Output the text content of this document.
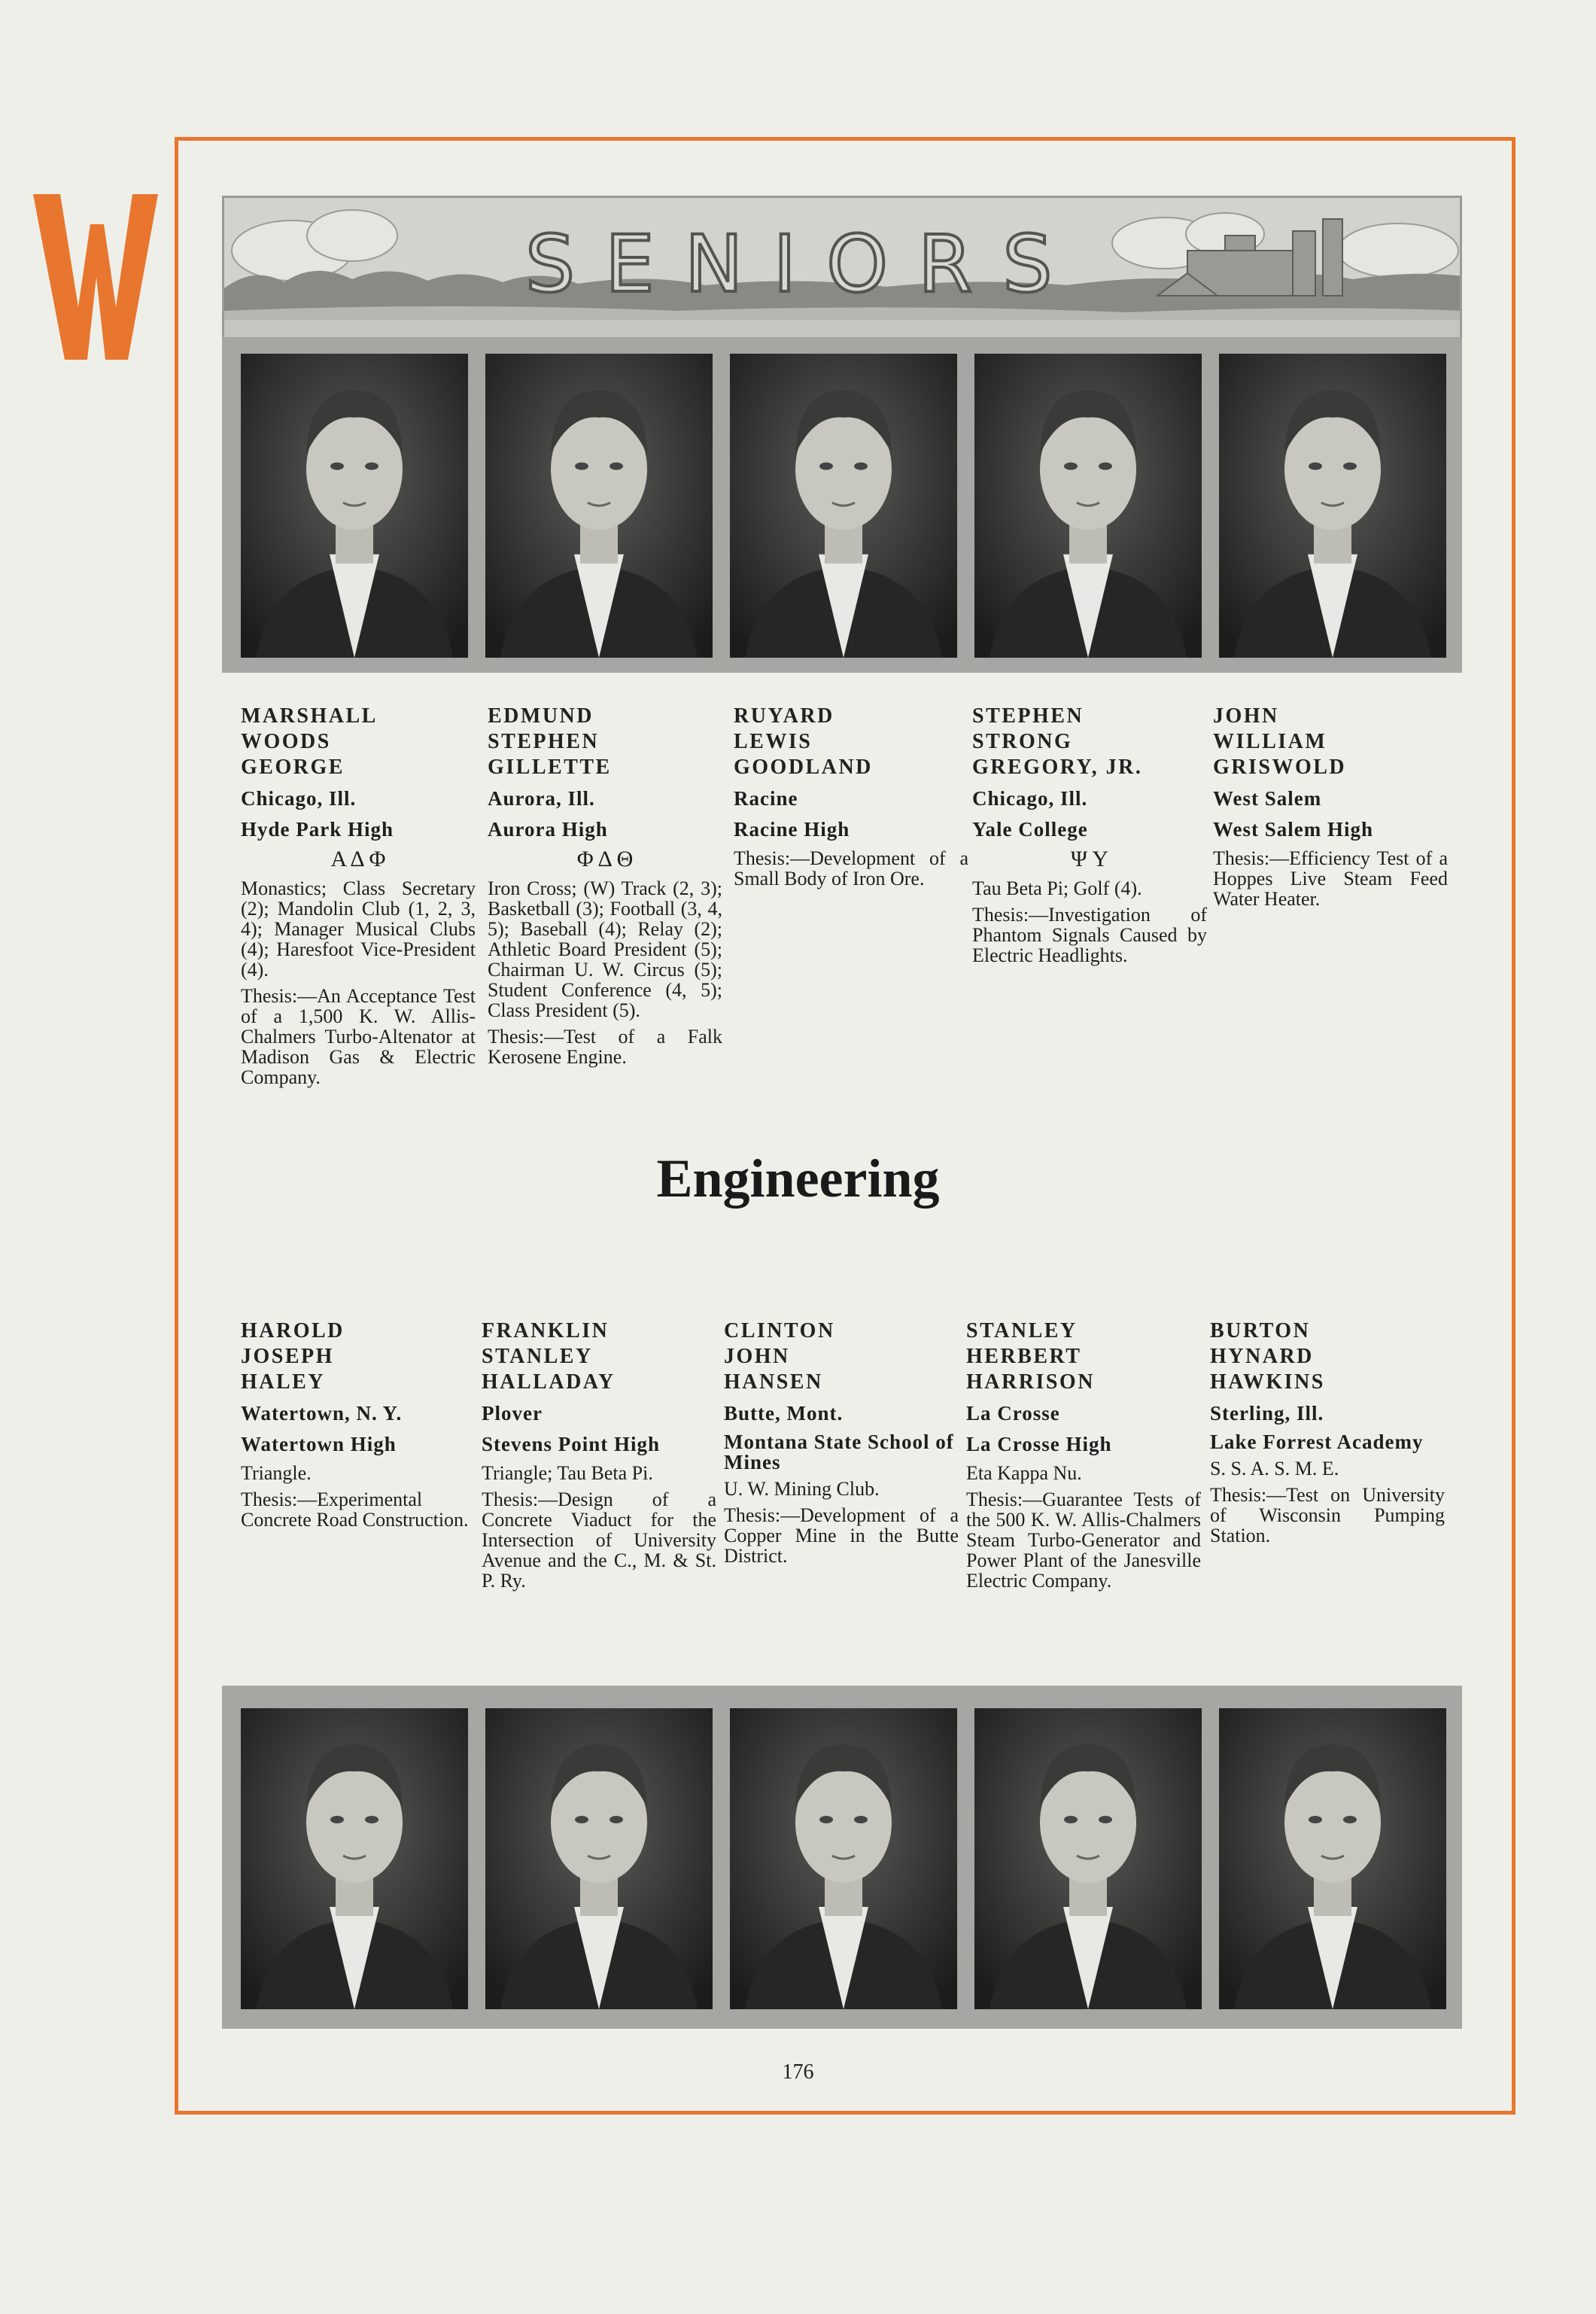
SENIORS
MARSHALL
WOODS
GEORGE
Chicago, Ill.
Hyde Park High
Α Δ Φ
Monastics; Class Secretary (2); Mandolin Club (1, 2, 3, 4); Manager Musical Clubs (4); Haresfoot Vice-President (4).
Thesis:—An Acceptance Test of a 1,500 K. W. Allis-Chalmers Turbo-Altenator at Madison Gas & Electric Company.
EDMUND
STEPHEN
GILLETTE
Aurora, Ill.
Aurora High
Φ Δ Θ
Iron Cross; (W) Track (2, 3); Basketball (3); Football (3, 4, 5); Baseball (4); Relay (2); Athletic Board President (5); Chairman U. W. Circus (5); Student Conference (4, 5); Class President (5).
Thesis:—Test of a Falk Kerosene Engine.
RUYARD
LEWIS
GOODLAND
Racine
Racine High
Thesis:—Development of a Small Body of Iron Ore.
STEPHEN
STRONG
GREGORY, JR.
Chicago, Ill.
Yale College
Ψ Υ
Tau Beta Pi; Golf (4).
Thesis:—Investigation of Phantom Signals Caused by Electric Headlights.
JOHN
WILLIAM
GRISWOLD
West Salem
West Salem High
Thesis:—Efficiency Test of a Hoppes Live Steam Feed Water Heater.
Engineering
HAROLD
JOSEPH
HALEY
Watertown, N. Y.
Watertown High
Triangle.
Thesis:—Experimental Concrete Road Construction.
FRANKLIN
STANLEY
HALLADAY
Plover
Stevens Point High
Triangle; Tau Beta Pi.
Thesis:—Design of a Concrete Viaduct for the Intersection of University Avenue and the C., M. & St. P. Ry.
CLINTON
JOHN
HANSEN
Butte, Mont.
Montana State School of Mines
U. W. Mining Club.
Thesis:—Development of a Copper Mine in the Butte District.
STANLEY
HERBERT
HARRISON
La Crosse
La Crosse High
Eta Kappa Nu.
Thesis:—Guarantee Tests of the 500 K. W. Allis-Chalmers Steam Turbo-Generator and Power Plant of the Janesville Electric Company.
BURTON
HYNARD
HAWKINS
Sterling, Ill.
Lake Forrest Academy
S. S. A. S. M. E.
Thesis:—Test on University of Wisconsin Pumping Station.
176
